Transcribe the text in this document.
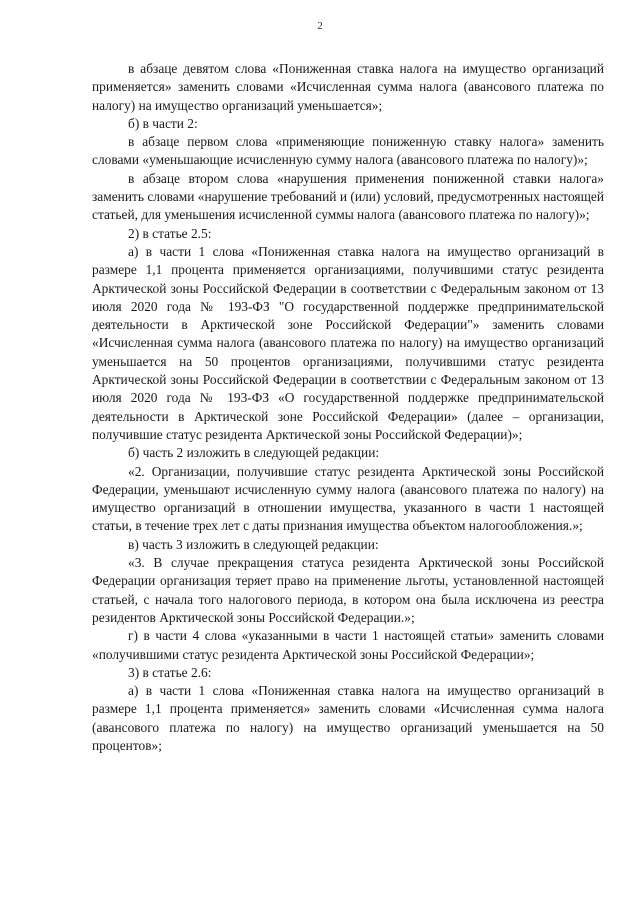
2

в абзаце девятом слова «Пониженная ставка налога на имущество организаций применяется» заменить словами «Исчисленная сумма налога (авансового платежа по налогу) на имущество организаций уменьшается»;

б) в части 2:

в абзаце первом слова «применяющие пониженную ставку налога» заменить словами «уменьшающие исчисленную сумму налога (авансового платежа по налогу)»;

в абзаце втором слова «нарушения применения пониженной ставки налога» заменить словами «нарушение требований и (или) условий, предусмотренных настоящей статьей, для уменьшения исчисленной суммы налога (авансового платежа по налогу)»;

2) в статье 2.5:

а) в части 1 слова «Пониженная ставка налога на имущество организаций в размере 1,1 процента применяется организациями, получившими статус резидента Арктической зоны Российской Федерации в соответствии с Федеральным законом от 13 июля 2020 года № 193-ФЗ "О государственной поддержке предпринимательской деятельности в Арктической зоне Российской Федерации"» заменить словами «Исчисленная сумма налога (авансового платежа по налогу) на имущество организаций уменьшается на 50 процентов организациями, получившими статус резидента Арктической зоны Российской Федерации в соответствии с Федеральным законом от 13 июля 2020 года № 193-ФЗ «О государственной поддержке предпринимательской деятельности в Арктической зоне Российской Федерации» (далее – организации, получившие статус резидента Арктической зоны Российской Федерации)»;

б) часть 2 изложить в следующей редакции:

«2. Организации, получившие статус резидента Арктической зоны Российской Федерации, уменьшают исчисленную сумму налога (авансового платежа по налогу) на имущество организаций в отношении имущества, указанного в части 1 настоящей статьи, в течение трех лет с даты признания имущества объектом налогообложения.»;

в) часть 3 изложить в следующей редакции:

«3. В случае прекращения статуса резидента Арктической зоны Российской Федерации организация теряет право на применение льготы, установленной настоящей статьей, с начала того налогового периода, в котором она была исключена из реестра резидентов Арктической зоны Российской Федерации.»;

г) в части 4 слова «указанными в части 1 настоящей статьи» заменить словами «получившими статус резидента Арктической зоны Российской Федерации»;

3) в статье 2.6:

а) в части 1 слова «Пониженная ставка налога на имущество организаций в размере 1,1 процента применяется» заменить словами «Исчисленная сумма налога (авансового платежа по налогу) на имущество организаций уменьшается на 50 процентов»;
